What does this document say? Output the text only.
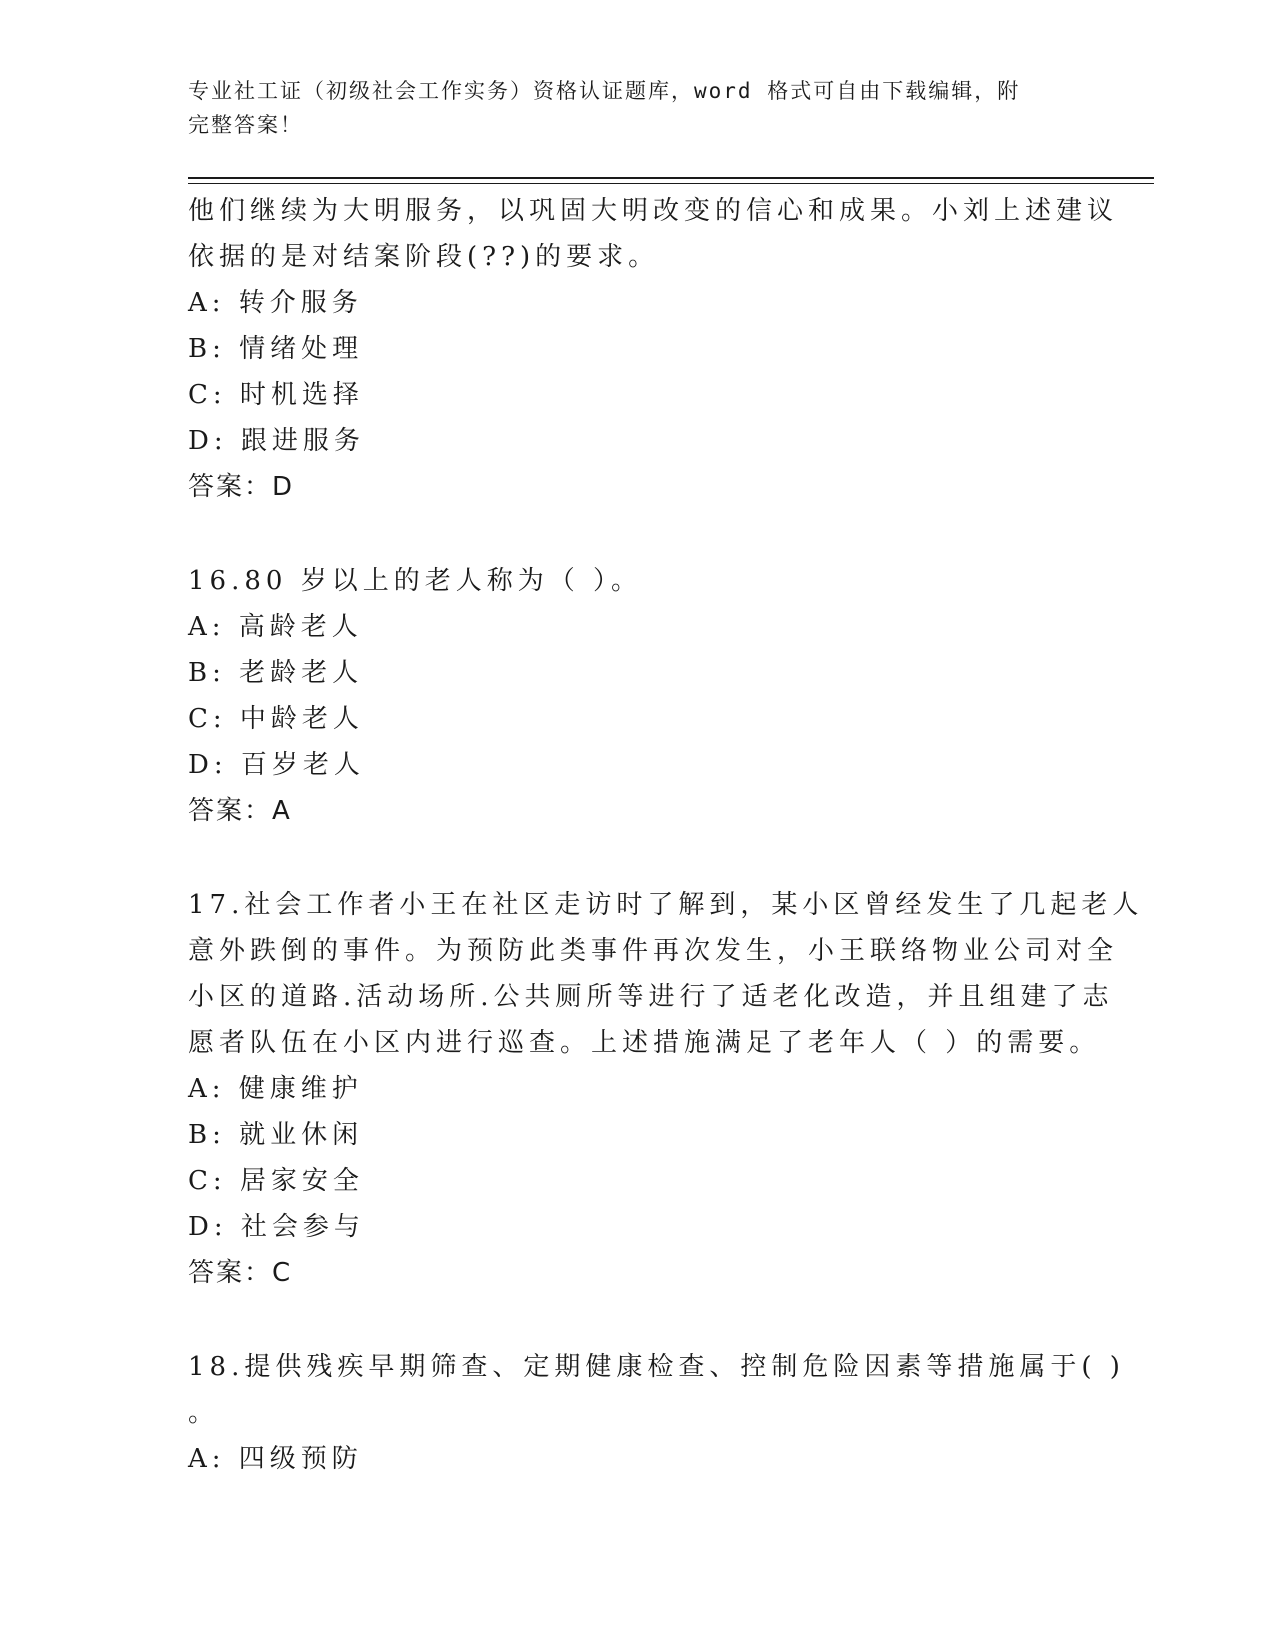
专业社工证（初级社会工作实务）资格认证题库，word 格式可自由下载编辑，附
完整答案！
他们继续为大明服务，以巩固大明改变的信心和成果。小刘上述建议
依据的是对结案阶段(??)的要求。
A: 转介服务
B: 情绪处理
C: 时机选择
D: 跟进服务
答案：D
16.80 岁以上的老人称为（ ）。
A: 高龄老人
B: 老龄老人
C: 中龄老人
D: 百岁老人
答案：A
17.社会工作者小王在社区走访时了解到，某小区曾经发生了几起老人
意外跌倒的事件。为预防此类事件再次发生，小王联络物业公司对全
小区的道路.活动场所.公共厕所等进行了适老化改造，并且组建了志
愿者队伍在小区内进行巡查。上述措施满足了老年人（ ）的需要。
A: 健康维护
B: 就业休闲
C: 居家安全
D: 社会参与
答案：C
18.提供残疾早期筛查、定期健康检查、控制危险因素等措施属于( )
。
A: 四级预防
